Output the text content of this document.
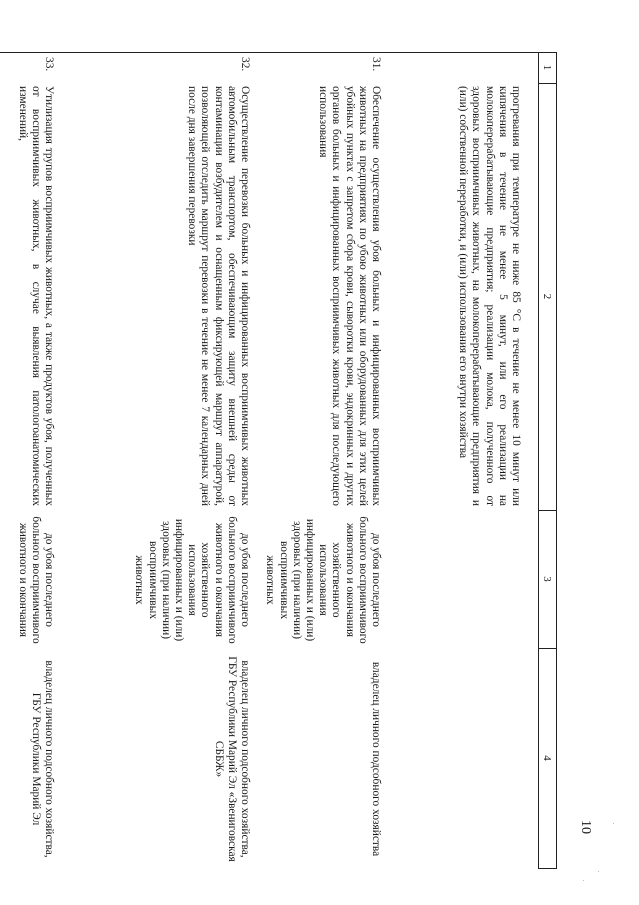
10
1
2
3
4
прогревания при температуре не ниже 85 °С в течение не менее 10 минут или кипячения в течение не менее 5 минут, или его реализации на молокоперерабатывающие предприятия; реализации молока, полученного от здоровых восприимчивых животных, на молокоперерабатывающие предприятия и (или) собственной переработки, и (или) использования его внутри хозяйства
31.
Обеспечение осуществления убоя больных и инфицированных восприимчивых животных на предприятиях по убою животных или оборудованных для этих целей убойных пунктах с запретом сбора крови, сыворотки крови, эндокринных и других органов больных и инфицированных восприимчивых животных для последующего использования
до убоя последнего больного восприимчивого животного и окончания хозяйственного использования инфицированных и (или) здоровых (при наличии) восприимчивых животных
владелец личного подсобного хозяйства
32.
Осуществление перевозки больных и инфицированных восприимчивых животных автомобильным транспортом, обеспечивающим защиту внешней среды от контаминации возбудителем и оснащенным фиксирующей маршрут аппаратурой, позволяющей отследить маршрут перевозки в течение не менее 7 календарных дней после дня завершения перевозки
до убоя последнего больного восприимчивого животного и окончания хозяйственного использования инфицированных и (или) здоровых (при наличии) восприимчивых животных
владелец личного подсобного хозяйства, ГБУ Республики Марий Эл «Звениговская СББЖ»
33.
Утилизация трупов восприимчивых животных, а также продуктов убоя, полученных от восприимчивых животных, в случае выявления патологоанатомических изменений,
до убоя последнего больного восприимчивого животного и окончания
владелец личного подсобного хозяйства, ГБУ Республики Марий Эл
